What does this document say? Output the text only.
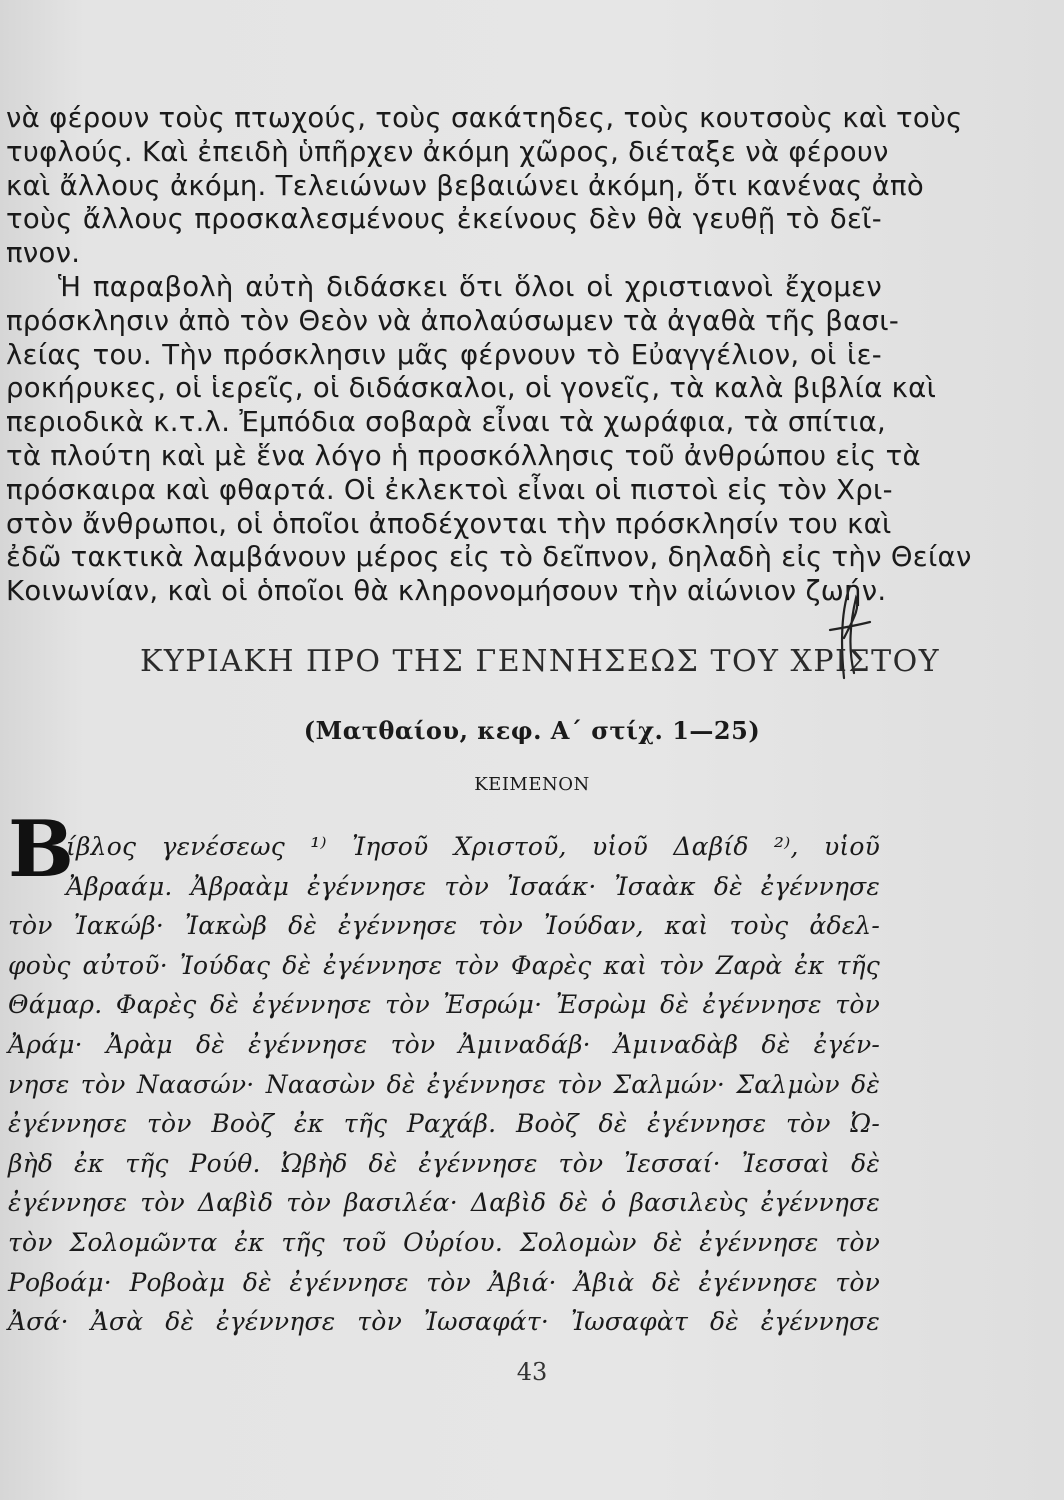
νὰ φέρουν τοὺς πτωχούς, τοὺς σακάτηδες, τοὺς κουτσοὺς καὶ τοὺς
τυφλούς. Καὶ ἐπειδὴ ὑπῆρχεν ἀκόμη χῶρος, διέταξε νὰ φέρουν
καὶ ἄλλους ἀκόμη. Τελειώνων βεβαιώνει ἀκόμη, ὅτι κανένας ἀπὸ
τοὺς ἄλλους προσκαλεσμένους ἐκείνους δὲν θὰ γευθῇ τὸ δεῖ-
πνον.
Ἡ παραβολὴ αὐτὴ διδάσκει ὅτι ὅλοι οἱ χριστιανοὶ ἔχομεν
πρόσκλησιν ἀπὸ τὸν Θεὸν νὰ ἀπολαύσωμεν τὰ ἀγαθὰ τῆς βασι-
λείας του. Τὴν πρόσκλησιν μᾶς φέρνουν τὸ Εὐαγγέλιον, οἱ ἱε-
ροκήρυκες, οἱ ἱερεῖς, οἱ διδάσκαλοι, οἱ γονεῖς, τὰ καλὰ βιβλία καὶ
περιοδικὰ κ.τ.λ. Ἐμπόδια σοβαρὰ εἶναι τὰ χωράφια, τὰ σπίτια,
τὰ πλούτη καὶ μὲ ἕνα λόγο ἡ προσκόλλησις τοῦ ἀνθρώπου εἰς τὰ
πρόσκαιρα καὶ φθαρτά. Οἱ ἐκλεκτοὶ εἶναι οἱ πιστοὶ εἰς τὸν Χρι-
στὸν ἄνθρωποι, οἱ ὁποῖοι ἀποδέχονται τὴν πρόσκλησίν του καὶ
ἐδῶ τακτικὰ λαμβάνουν μέρος εἰς τὸ δεῖπνον, δηλαδὴ εἰς τὴν Θείαν
Κοινωνίαν, καὶ οἱ ὁποῖοι θὰ κληρονομήσουν τὴν αἰώνιον ζωήν.
ΚΥΡΙΑΚΗ ΠΡΟ ΤΗΣ ΓΕΝΝΗΣΕΩΣ ΤΟΥ ΧΡΙΣΤΟΥ
(Ματθαίου, κεφ. Α΄ στίχ. 1—25)
ΚΕΙΜΕΝΟΝ
Β
ίβλος γενέσεως ¹⁾ Ἰησοῦ Χριστοῦ, υἱοῦ Δαβίδ ²⁾, υἱοῦ
Ἀβραάμ. Ἀβραὰμ ἐγέννησε τὸν Ἰσαάκ· Ἰσαὰκ δὲ ἐγέννησε
τὸν Ἰακώβ· Ἰακὼβ δὲ ἐγέννησε τὸν Ἰούδαν, καὶ τοὺς ἀδελ-
φοὺς αὐτοῦ· Ἰούδας δὲ ἐγέννησε τὸν Φαρὲς καὶ τὸν Ζαρὰ ἐκ τῆς
Θάμαρ. Φαρὲς δὲ ἐγέννησε τὸν Ἐσρώμ· Ἐσρὼμ δὲ ἐγέννησε τὸν
Ἀράμ· Ἀρὰμ δὲ ἐγέννησε τὸν Ἀμιναδάβ· Ἀμιναδὰβ δὲ ἐγέν-
νησε τὸν Ναασών· Ναασὼν δὲ ἐγέννησε τὸν Σαλμών· Σαλμὼν δὲ
ἐγέννησε τὸν Βοὸζ ἐκ τῆς Ραχάβ. Βοὸζ δὲ ἐγέννησε τὸν Ὠ-
βὴδ ἐκ τῆς Ρούθ. Ὠβὴδ δὲ ἐγέννησε τὸν Ἰεσσαί· Ἰεσσαὶ δὲ
ἐγέννησε τὸν Δαβὶδ τὸν βασιλέα· Δαβὶδ δὲ ὁ βασιλεὺς ἐγέννησε
τὸν Σολομῶντα ἐκ τῆς τοῦ Οὐρίου. Σολομὼν δὲ ἐγέννησε τὸν
Ροβοάμ· Ροβοὰμ δὲ ἐγέννησε τὸν Ἀβιά· Ἀβιὰ δὲ ἐγέννησε τὸν
Ἀσά· Ἀσὰ δὲ ἐγέννησε τὸν Ἰωσαφάτ· Ἰωσαφὰτ δὲ ἐγέννησε
43
